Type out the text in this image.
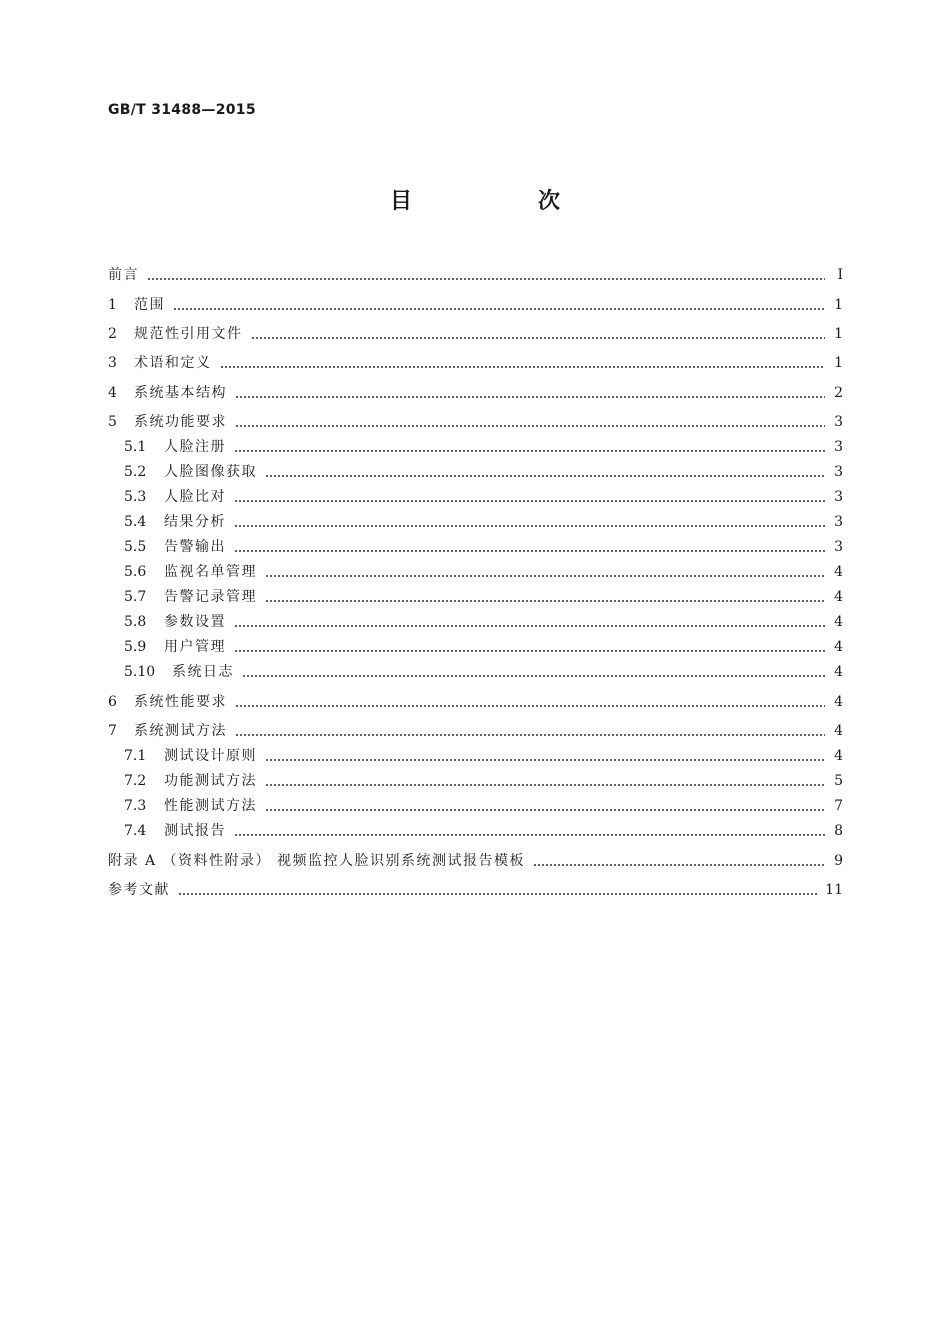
GB/T 31488—2015
目　次
前言	Ⅰ
1	范围	1
2	规范性引用文件	1
3	术语和定义	1
4	系统基本结构	2
5	系统功能要求	3
5.1	人脸注册	3
5.2	人脸图像获取	3
5.3	人脸比对	3
5.4	结果分析	3
5.5	告警输出	3
5.6	监视名单管理	4
5.7	告警记录管理	4
5.8	参数设置	4
5.9	用户管理	4
5.10	系统日志	4
6	系统性能要求	4
7	系统测试方法	4
7.1	测试设计原则	4
7.2	功能测试方法	5
7.3	性能测试方法	7
7.4	测试报告	8
附录 A （资料性附录） 视频监控人脸识别系统测试报告模板	9
参考文献	11
